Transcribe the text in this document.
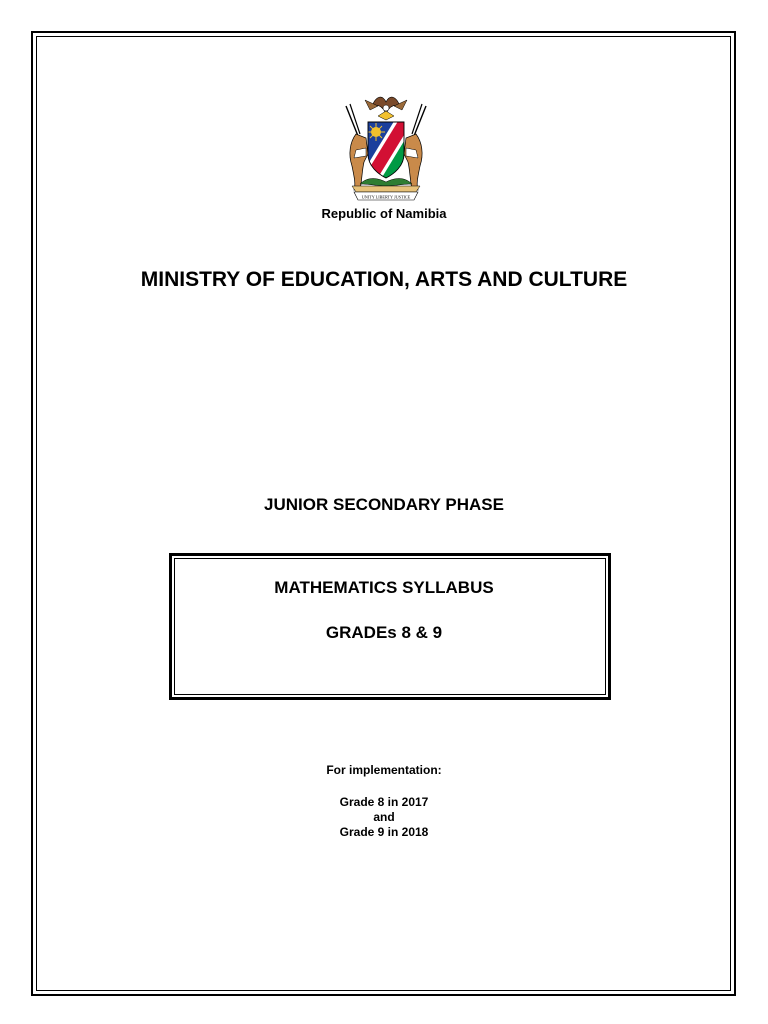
UNITY LIBERTY JUSTICE
Republic of Namibia
MINISTRY OF EDUCATION, ARTS AND CULTURE
JUNIOR SECONDARY PHASE
MATHEMATICS SYLLABUS
GRADEs 8 & 9
For implementation:
Grade 8 in 2017
and
Grade 9 in 2018
